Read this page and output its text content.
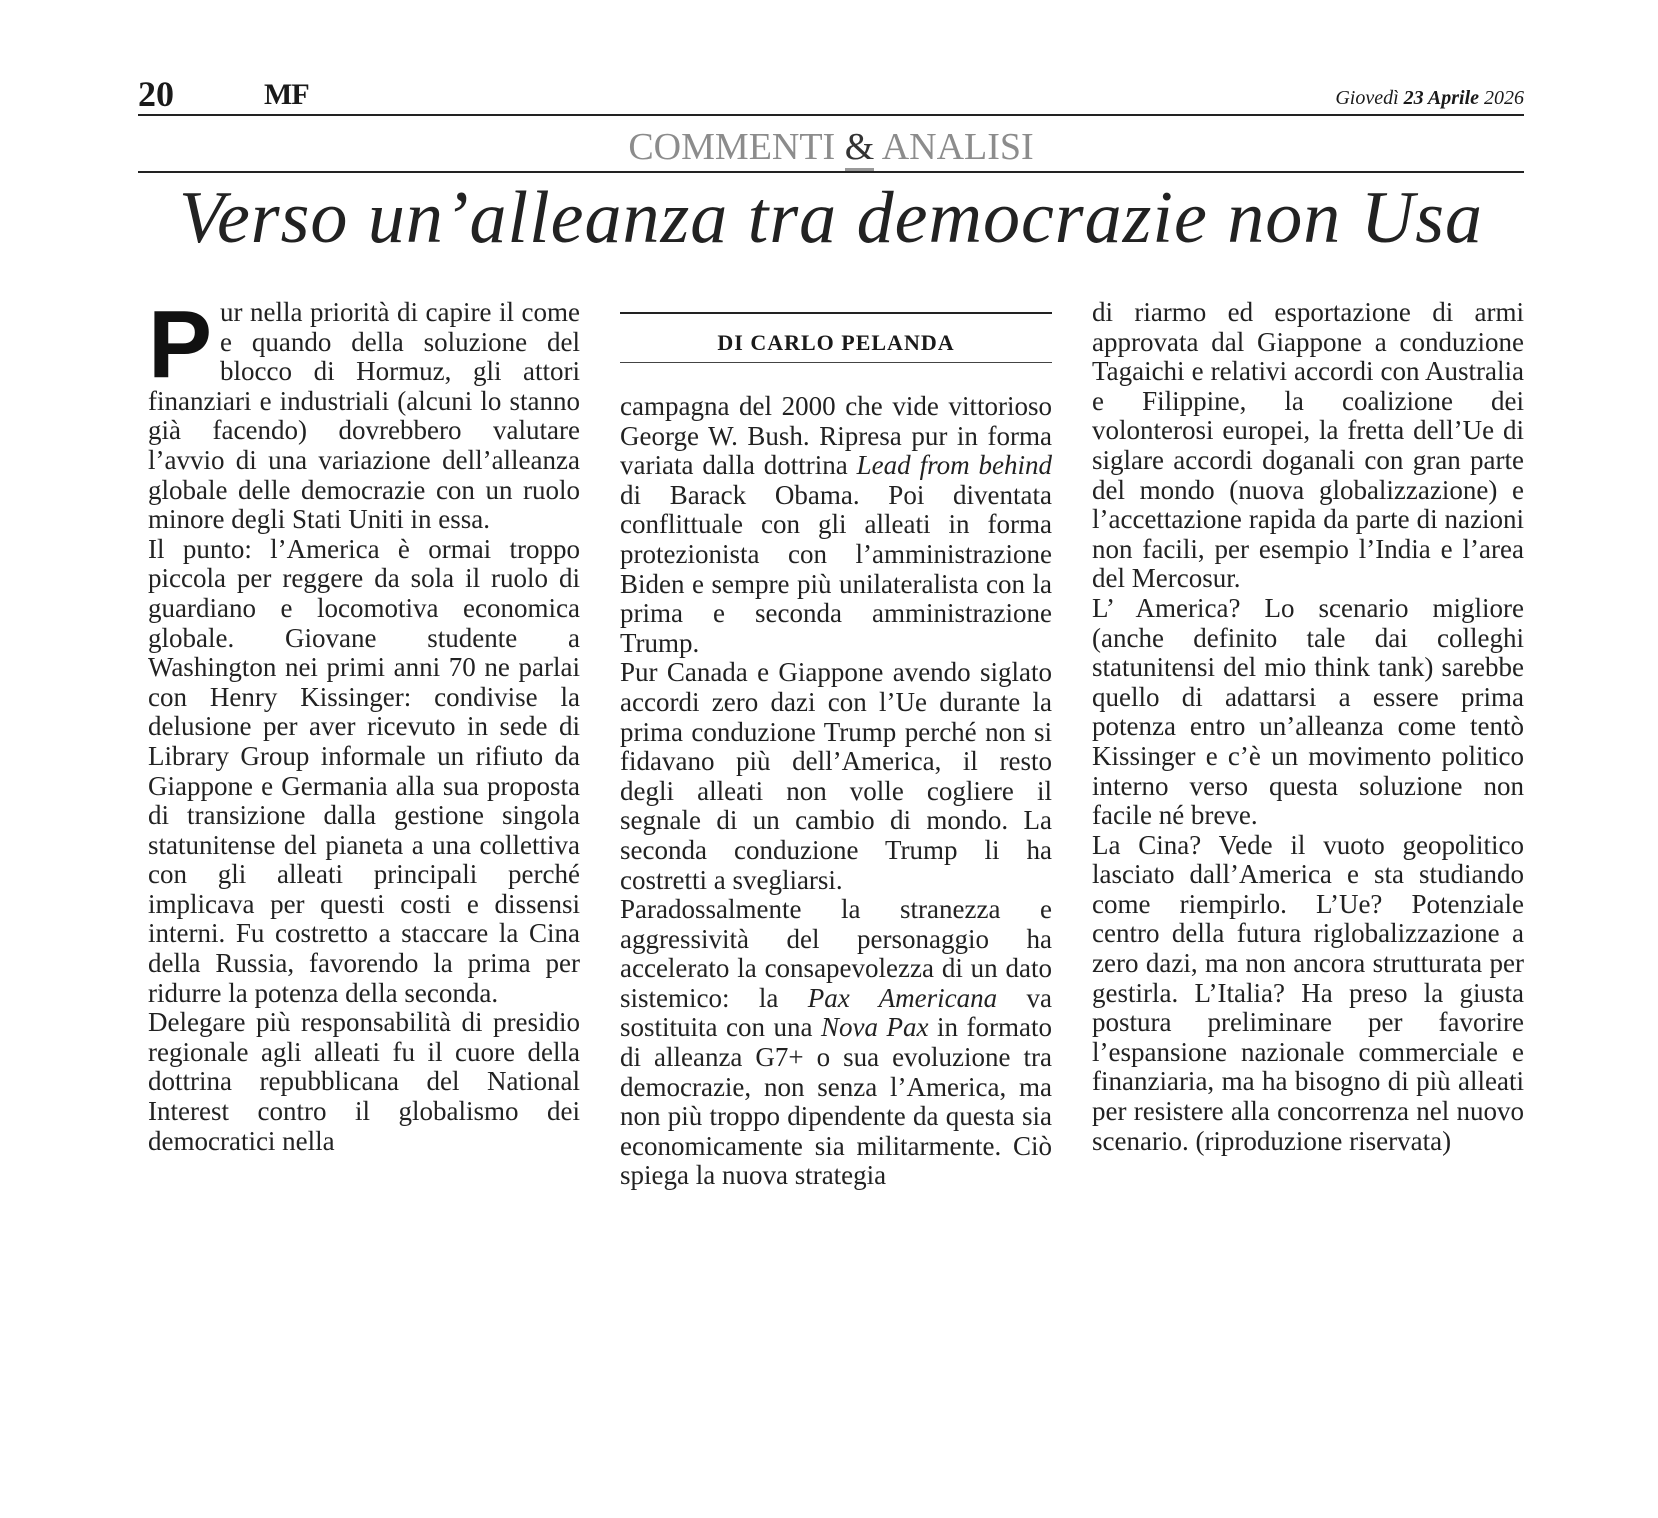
20	MF	Giovedì 23 Aprile 2026
COMMENTI & ANALISI
Verso un’alleanza tra democrazie non Usa

Pur nella priorità di capire il come e quando della soluzione del blocco di Hormuz, gli attori finanziari e industriali (alcuni lo stanno già facendo) dovrebbero valutare l’avvio di una variazione dell’alleanza globale delle democrazie con un ruolo minore degli Stati Uniti in essa.

Il punto: l’America è ormai troppo piccola per reggere da sola il ruolo di guardiano e locomotiva economica globale. Giovane studente a Washington nei primi anni 70 ne parlai con Henry Kissinger: condivise la delusione per aver ricevuto in sede di Library Group informale un rifiuto da Giappone e Germania alla sua proposta di transizione dalla gestione singola statunitense del pianeta a una collettiva con gli alleati principali perché implicava per questi costi e dissensi interni. Fu costretto a staccare la Cina della Russia, favorendo la prima per ridurre la potenza della seconda.

Delegare più responsabilità di presidio regionale agli alleati fu il cuore della dottrina repubblicana del National Interest contro il globalismo dei democratici nella

DI CARLO PELANDA

campagna del 2000 che vide vittorioso George W. Bush. Ripresa pur in forma variata dalla dottrina Lead from behind di Barack Obama. Poi diventata conflittuale con gli alleati in forma protezionista con l’amministrazione Biden e sempre più unilateralista con la prima e seconda amministrazione Trump.

Pur Canada e Giappone avendo siglato accordi zero dazi con l’Ue durante la prima conduzione Trump perché non si fidavano più dell’America, il resto degli alleati non volle cogliere il segnale di un cambio di mondo. La seconda conduzione Trump li ha costretti a svegliarsi.

Paradossalmente la stranezza e aggressività del personaggio ha accelerato la consapevolezza di un dato sistemico: la Pax Americana va sostituita con una Nova Pax in formato di alleanza G7+ o sua evoluzione tra democrazie, non senza l’America, ma non più troppo dipendente da questa sia economicamente sia militarmente. Ciò spiega la nuova strategia

di riarmo ed esportazione di armi approvata dal Giappone a conduzione Tagaichi e relativi accordi con Australia e Filippine, la coalizione dei volonterosi europei, la fretta dell’Ue di siglare accordi doganali con gran parte del mondo (nuova globalizzazione) e l’accettazione rapida da parte di nazioni non facili, per esempio l’India e l’area del Mercosur.

L’ America? Lo scenario migliore (anche definito tale dai colleghi statunitensi del mio think tank) sarebbe quello di adattarsi a essere prima potenza entro un’alleanza come tentò Kissinger e c’è un movimento politico interno verso questa soluzione non facile né breve.

La Cina? Vede il vuoto geopolitico lasciato dall’America e sta studiando come riempirlo. L’Ue? Potenziale centro della futura riglobalizzazione a zero dazi, ma non ancora strutturata per gestirla. L’Italia? Ha preso la giusta postura preliminare per favorire l’espansione nazionale commerciale e finanziaria, ma ha bisogno di più alleati per resistere alla concorrenza nel nuovo scenario. (riproduzione riservata)
